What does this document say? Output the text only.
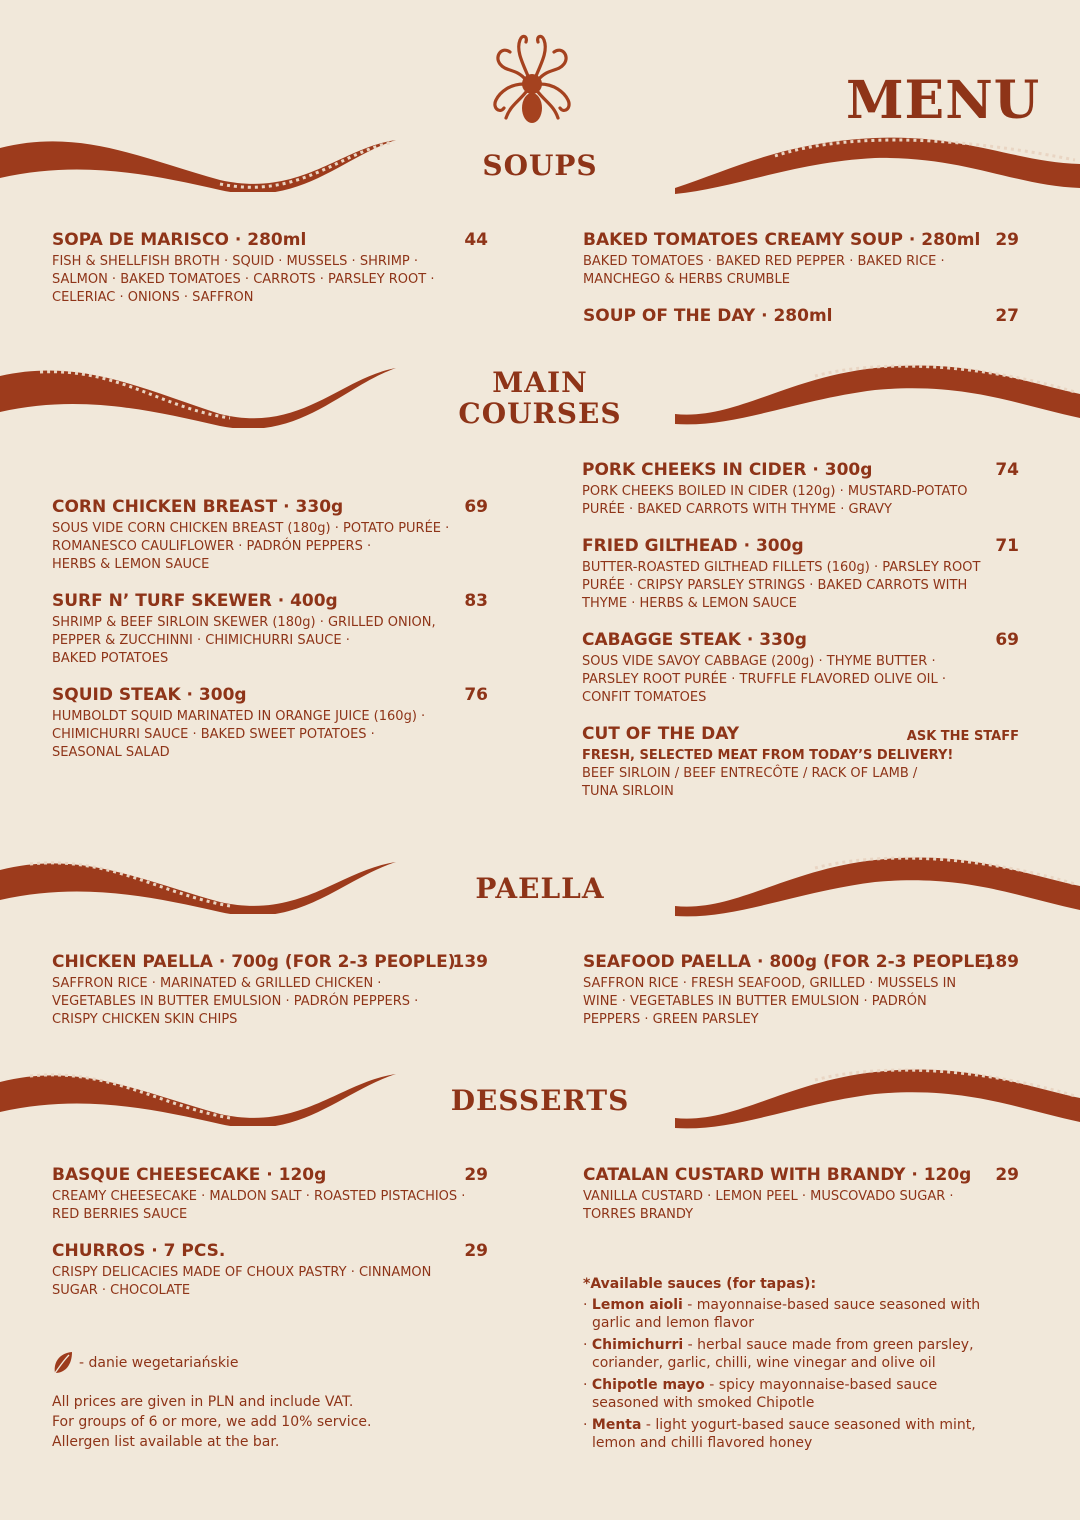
MENU
SOUPS
MAIN
COURSES
PAELLA
DESSERTS
SOPA DE MARISCO · 280ml	44
FISH & SHELLFISH BROTH · SQUID · MUSSELS · SHRIMP ·
SALMON · BAKED TOMATOES · CARROTS · PARSLEY ROOT ·
CELERIAC · ONIONS · SAFFRON
BAKED TOMATOES CREAMY SOUP · 280ml 29
BAKED TOMATOES · BAKED RED PEPPER · BAKED RICE ·
MANCHEGO & HERBS CRUMBLE
SOUP OF THE DAY · 280ml	27
CORN CHICKEN BREAST · 330g	69
SOUS VIDE CORN CHICKEN BREAST (180g) · POTATO PURÉE ·
ROMANESCO CAULIFLOWER · PADRÓN PEPPERS ·
HERBS & LEMON SAUCE
SURF N’ TURF SKEWER · 400g	83
SHRIMP & BEEF SIRLOIN SKEWER (180g) · GRILLED ONION,
PEPPER & ZUCCHINNI · CHIMICHURRI SAUCE ·
BAKED POTATOES
SQUID STEAK · 300g	76
HUMBOLDT SQUID MARINATED IN ORANGE JUICE (160g) ·
CHIMICHURRI SAUCE · BAKED SWEET POTATOES ·
SEASONAL SALAD
PORK CHEEKS IN CIDER · 300g	74
PORK CHEEKS BOILED IN CIDER (120g) · MUSTARD-POTATO
PURÉE · BAKED CARROTS WITH THYME · GRAVY
FRIED GILTHEAD · 300g	71
BUTTER-ROASTED GILTHEAD FILLETS (160g) · PARSLEY ROOT
PURÉE · CRIPSY PARSLEY STRINGS · BAKED CARROTS WITH
THYME · HERBS & LEMON SAUCE
CABAGGE STEAK · 330g	69
SOUS VIDE SAVOY CABBAGE (200g) · THYME BUTTER ·
PARSLEY ROOT PURÉE · TRUFFLE FLAVORED OLIVE OIL ·
CONFIT TOMATOES
CUT OF THE DAY	ASK THE STAFF
FRESH, SELECTED MEAT FROM TODAY’S DELIVERY!
BEEF SIRLOIN / BEEF ENTRECÔTE / RACK OF LAMB /
TUNA SIRLOIN
CHICKEN PAELLA · 700g (FOR 2-3 PEOPLE)
139
SAFFRON RICE · MARINATED & GRILLED CHICKEN ·
VEGETABLES IN BUTTER EMULSION · PADRÓN PEPPERS ·
CRISPY CHICKEN SKIN CHIPS
SEAFOOD PAELLA · 800g (FOR 2-3 PEOPLE)
189
SAFFRON RICE · FRESH SEAFOOD, GRILLED · MUSSELS IN
WINE · VEGETABLES IN BUTTER EMULSION · PADRÓN
PEPPERS · GREEN PARSLEY
BASQUE CHEESECAKE · 120g	29
CREAMY CHEESECAKE · MALDON SALT · ROASTED PISTACHIOS ·
RED BERRIES SAUCE
CHURROS · 7 PCS.	29
CRISPY DELICACIES MADE OF CHOUX PASTRY · CINNAMON
SUGAR · CHOCOLATE
CATALAN CUSTARD WITH BRANDY · 120g	29
VANILLA CUSTARD · LEMON PEEL · MUSCOVADO SUGAR ·
TORRES BRANDY
- danie wegetariańskie
All prices are given in PLN and include VAT.
For groups of 6 or more, we add 10% service.
Allergen list available at the bar.
*Available sauces (for tapas):
· Lemon aioli - mayonnaise-based sauce seasoned with garlic and lemon flavor
· Chimichurri - herbal sauce made from green parsley, coriander, garlic, chilli, wine vinegar and olive oil
· Chipotle mayo - spicy mayonnaise-based sauce seasoned with smoked Chipotle
· Menta - light yogurt-based sauce seasoned with mint, lemon and chilli flavored honey
